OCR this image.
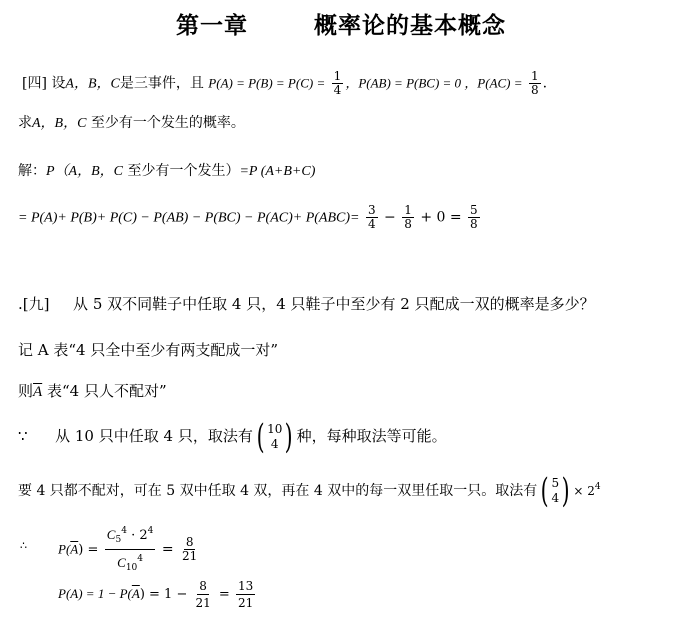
第一章	概率论的基本概念
[四] 设A，B，C是三事件，且 $P(A) = P(B) = P(C) = \frac{1}{4}$ ，P(AB) = P(BC) = 0 ，$P(AC) = \frac{1}{8}$ .
求A，B，C 至少有一个发生的概率。
解：P（A，B，C 至少有一个发生）=P (A+B+C)
= $P(A)+ P(B)+ P(C) - P(AB) - P(BC) - P(AC)+ P(ABC)= \frac{3}{4} - \frac{1}{8} + 0 = \frac{5}{8}$
.[九] 从 5 双不同鞋子中任取 4 只，4 只鞋子中至少有 2 只配成一双的概率是多少？
记 A 表“4 只全中至少有两支配成一对”
则$\overline{A}$ 表“4 只人不配对”
∵ 从 10 只中任取 4 只，取法有 ( 10
4 ) 种，每种取法等可能。
要 4 只都不配对，可在 5 双中任取 4 双，再在 4 双中的每一双里任取一只。取法有 ( 5
4 ) × $2^4$
∴ $P(\overline{A}) = \frac{C_5^4 \cdot 2^4}{C_{10}^4} = \frac{8}{21}$
$P(A) = 1 - P(\overline{A}) = 1 - \frac{8}{21} = \frac{13}{21}$
